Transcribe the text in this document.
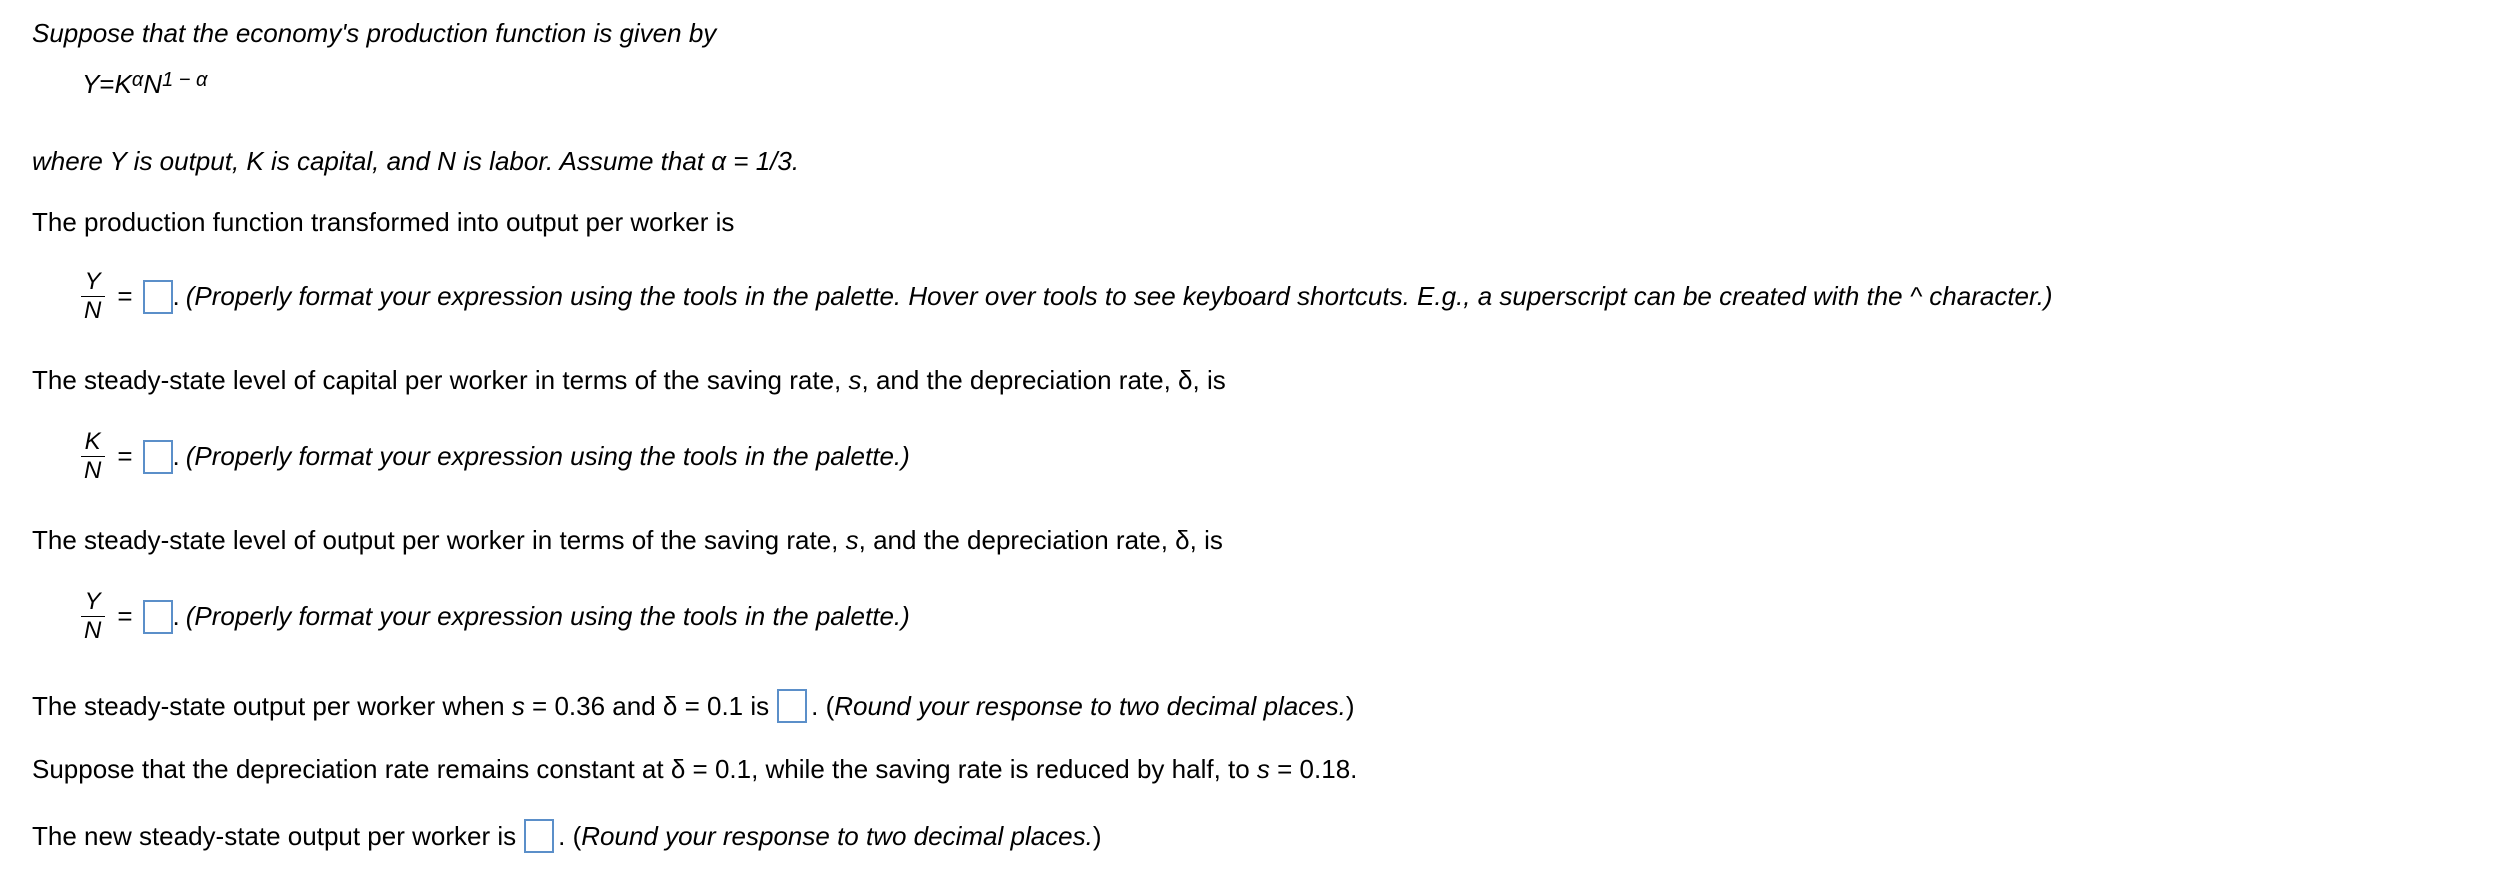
Suppose that the economy's production function is given by
$Y=K^\alpha N^{1 - \alpha}$
where Y is output, K is capital, and N is labor. Assume that α = 1/3.
The production function transformed into output per worker is
$\frac{Y}{N}$ = . (Properly format your expression using the tools in the palette. Hover over tools to see keyboard shortcuts. E.g., a superscript can be created with the ^ character.)
The steady-state level of capital per worker in terms of the saving rate, s , and the depreciation rate, δ, is
$\frac{K}{N}$ = . (Properly format your expression using the tools in the palette.)
The steady-state level of output per worker in terms of the saving rate, s , and the depreciation rate, δ, is
$\frac{Y}{N}$ = . (Properly format your expression using the tools in the palette.)
The steady-state output per worker when s = 0.36 and δ = 0.1 is . ( Round your response to two decimal places. )
Suppose that the depreciation rate remains constant at δ = 0.1, while the saving rate is reduced by half, to s = 0.18.
The new steady-state output per worker is . ( Round your response to two decimal places. )
